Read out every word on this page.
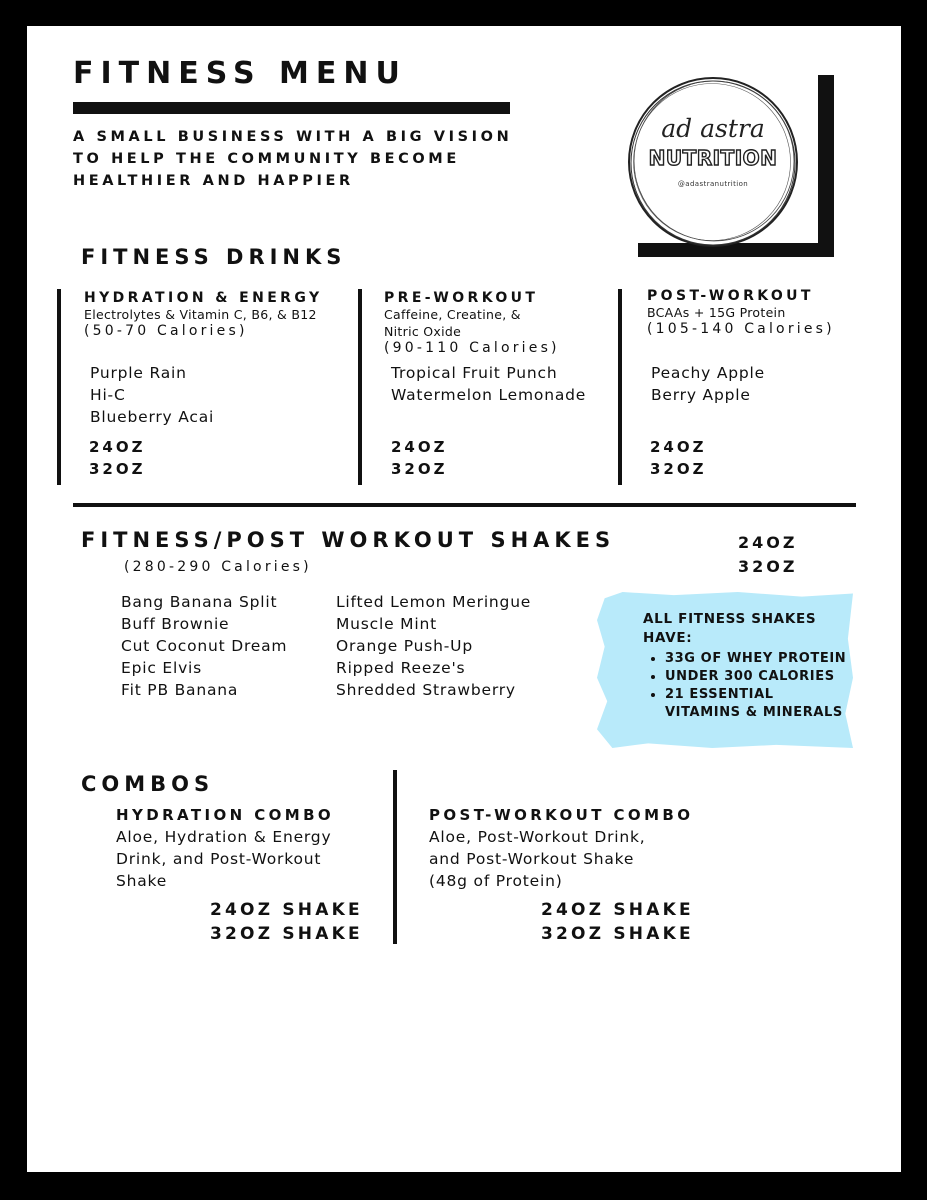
FITNESS MENU
A SMALL BUSINESS WITH A BIG VISION
TO HELP THE COMMUNITY BECOME
HEALTHIER AND HAPPIER
ad astra
NUTRITION
@adastranutrition
FITNESS DRINKS
HYDRATION & ENERGY
Electrolytes & Vitamin C, B6, & B12
(50-70 Calories)
Purple Rain
Hi-C
Blueberry Acai
24OZ
32OZ
PRE-WORKOUT
Caffeine, Creatine, &
Nitric Oxide
(90-110 Calories)
Tropical Fruit Punch
Watermelon Lemonade
24OZ
32OZ
POST-WORKOUT
BCAAs + 15G Protein
(105-140 Calories)
Peachy Apple
Berry Apple
24OZ
32OZ
FITNESS/POST WORKOUT SHAKES
(280-290 Calories)
24OZ
32OZ
Bang Banana Split
Buff Brownie
Cut Coconut Dream
Epic Elvis
Fit PB Banana
Lifted Lemon Meringue
Muscle Mint
Orange Push-Up
Ripped Reeze's
Shredded Strawberry
ALL FITNESS SHAKES
HAVE:
• 33G OF WHEY PROTEIN
• UNDER 300 CALORIES
• 21 ESSENTIAL
VITAMINS & MINERALS
COMBOS
HYDRATION COMBO
Aloe, Hydration & Energy
Drink, and Post-Workout
Shake
24OZ SHAKE
32OZ SHAKE
POST-WORKOUT COMBO
Aloe, Post-Workout Drink,
and Post-Workout Shake
(48g of Protein)
24OZ SHAKE
32OZ SHAKE
